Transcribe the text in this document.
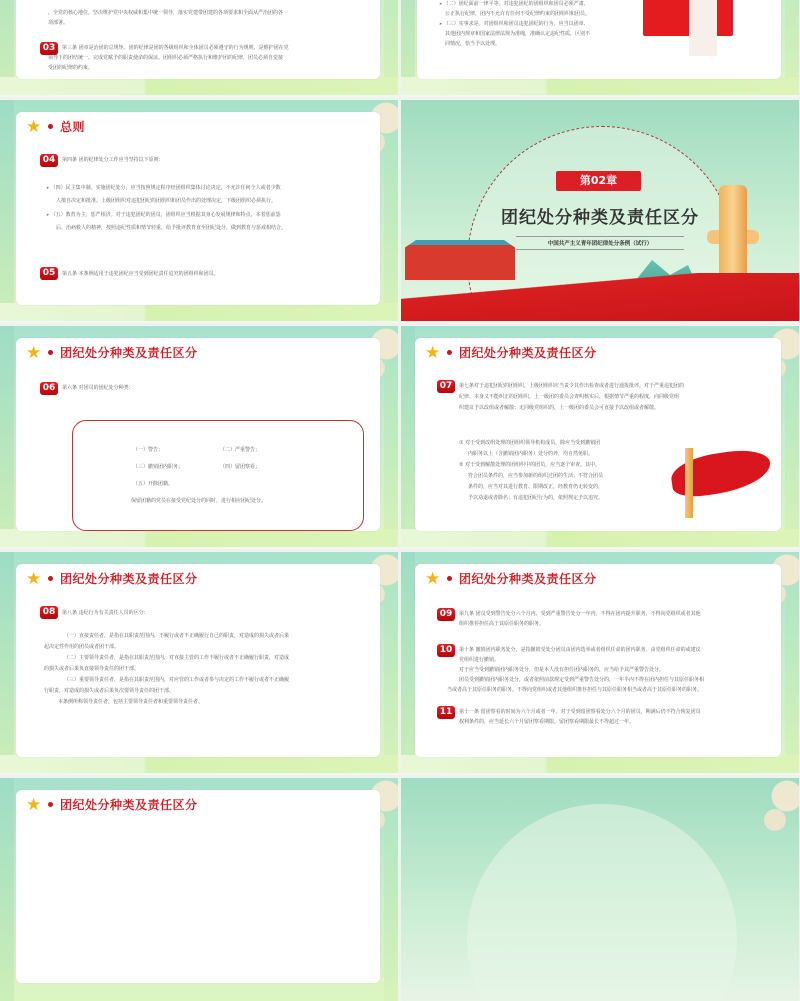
，全党的核心地位，坚决维护党中央权威和集中统一领导，落实党建带团建的各项要求和全面从严治团的各

项部署。

03	第三条 团章是治团的总规矩。团的纪律是团的各级组织和全体团员必须遵守的行为规则，是维护团在党

领导下的团结统一、完成党赋予的职责使命的保证。团组织必须严格执行和维护团的纪律，团员必须自觉接

受团的纪律的约束。

➤ （二）团纪面前一律平等。对违犯团纪的团组织和团员必须严肃、

公正执行纪律，团内不允许有任何不受纪律约束的团组织和团员。

➤ （三）实事求是。对团组织和团员违犯团纪的行为，应当以团章、

其他团内规章和国家法律法规为准绳，准确认定违纪性质，区别不

同情况，恰当予以处理。

★ 总则
04	第四条 团的纪律处分工作应当坚持以下原则：

➤ （四）民主集中制。实施团纪处分，应当按照规定程序经团组织集体讨论决定，不允许任何个人或者少数

人擅自决定和批准。上级团组织对违犯团纪的团组织和团员作出的处理决定，下级团组织必须执行。

➤ （五）教育为主，惩严相济。对于违犯团纪的团员，团组织应当根据其身心发展规律和特点，本着惩前毖

后、治病救人的精神，按照违纪性质和情节轻重，给予批评教育直至团纪处分，做到教育与惩戒相结合。

05	第五条 本条例适用于违犯团纪应当受到团纪责任追究的团组织和团员。

第02章
团纪处分种类及责任区分
中国共产主义青年团纪律处分条例（试行）
★ 团纪处分种类及责任区分
06	第六条 对团员的团纪处分种类：

（一）警告；	（二）严重警告；
（三）撤销团内职务；	（四）留团察看；
（五）开除团籍。
保留团籍的党员在接受党纪处分的同时，进行相应团纪处分。
★ 团纪处分种类及责任区分
07	第七条对于违犯团纪的团组织，上级团组织应当责令其作出检查或者进行通报批评。对于严重违犯团的

纪律、本身又不能纠正的团组织，上一级团的委员会查明核实后，根据情节严重的程度，向同级党组

织建议予以改组或者解散；无同级党组织的，上一级团的委员会可直接予以改组或者解散。

① 对于受到改组处理的团组织领导机构成员，除应当受到撤销团

内职务以上（含撤销团内职务）处分的外，均自然免职。

② 对于受到解散处理的团组织中的团员，应当逐个审查。其中，

符合团员条件的，应当参加新的组织过团的生活；不符合团员

条件的，应当对其进行教育、限期改正，经教育仍无转变的，

予以劝退或者除名；有违犯团纪行为的，依照规定予以追究。

★ 团纪处分种类及责任区分
08	第八条 违纪行为有关责任人员的区分：

（一）直接责任者，是指在其职责范围内，不履行或者不正确履行自己的职责，对造成的损失或者后果

起决定性作用的团员或者团干部。

（二）主要领导责任者，是指在其职责范围内，对直接主管的工作不履行或者不正确履行职责，对造成

的损失或者后果负直接领导责任的团干部。

（三）重要领导责任者，是指在其职责范围内，对应管的工作或者参与决定的工作不履行或者不正确履

行职责，对造成的损失或者后果负次要领导责任的团干部。

本条例所称领导责任者，包括主要领导责任者和重要领导责任者。

★ 团纪处分种类及责任区分
09	第九条 团员受到警告处分六个月内、受到严重警告处分一年内，不得在团内提升职务，不得向党组织或者其他

组织推荐担任高于其原任职务的职务。

10	第十条 撤销团内职务处分，是指撤销受处分团员由团内选举或者组织任命的团内职务。由党组织任命的或建议

党组织进行撤销。

对于应当受到撤销团内职务处分，但是本人没有担任团内职务的，应当给予其严重警告处分。

团员受到撤销团内职务处分，或者依照前款规定受到严重警告处分的，一年半内不得在团内担任与其原任职务相

当或者高于其原任职务的职务。不得向党组织或者其他组织推荐担任与其原任职务相当或者高于其原任职务的职务。

11	第十一条 留团察看的时间为六个月或者一年。对于受到留团察看处分六个月的团员，期满后仍不符合恢复团员

权利条件的，应当延长六个月留团察看期限。留团察看期限最长不得超过一年。

★ 团纪处分种类及责任区分
